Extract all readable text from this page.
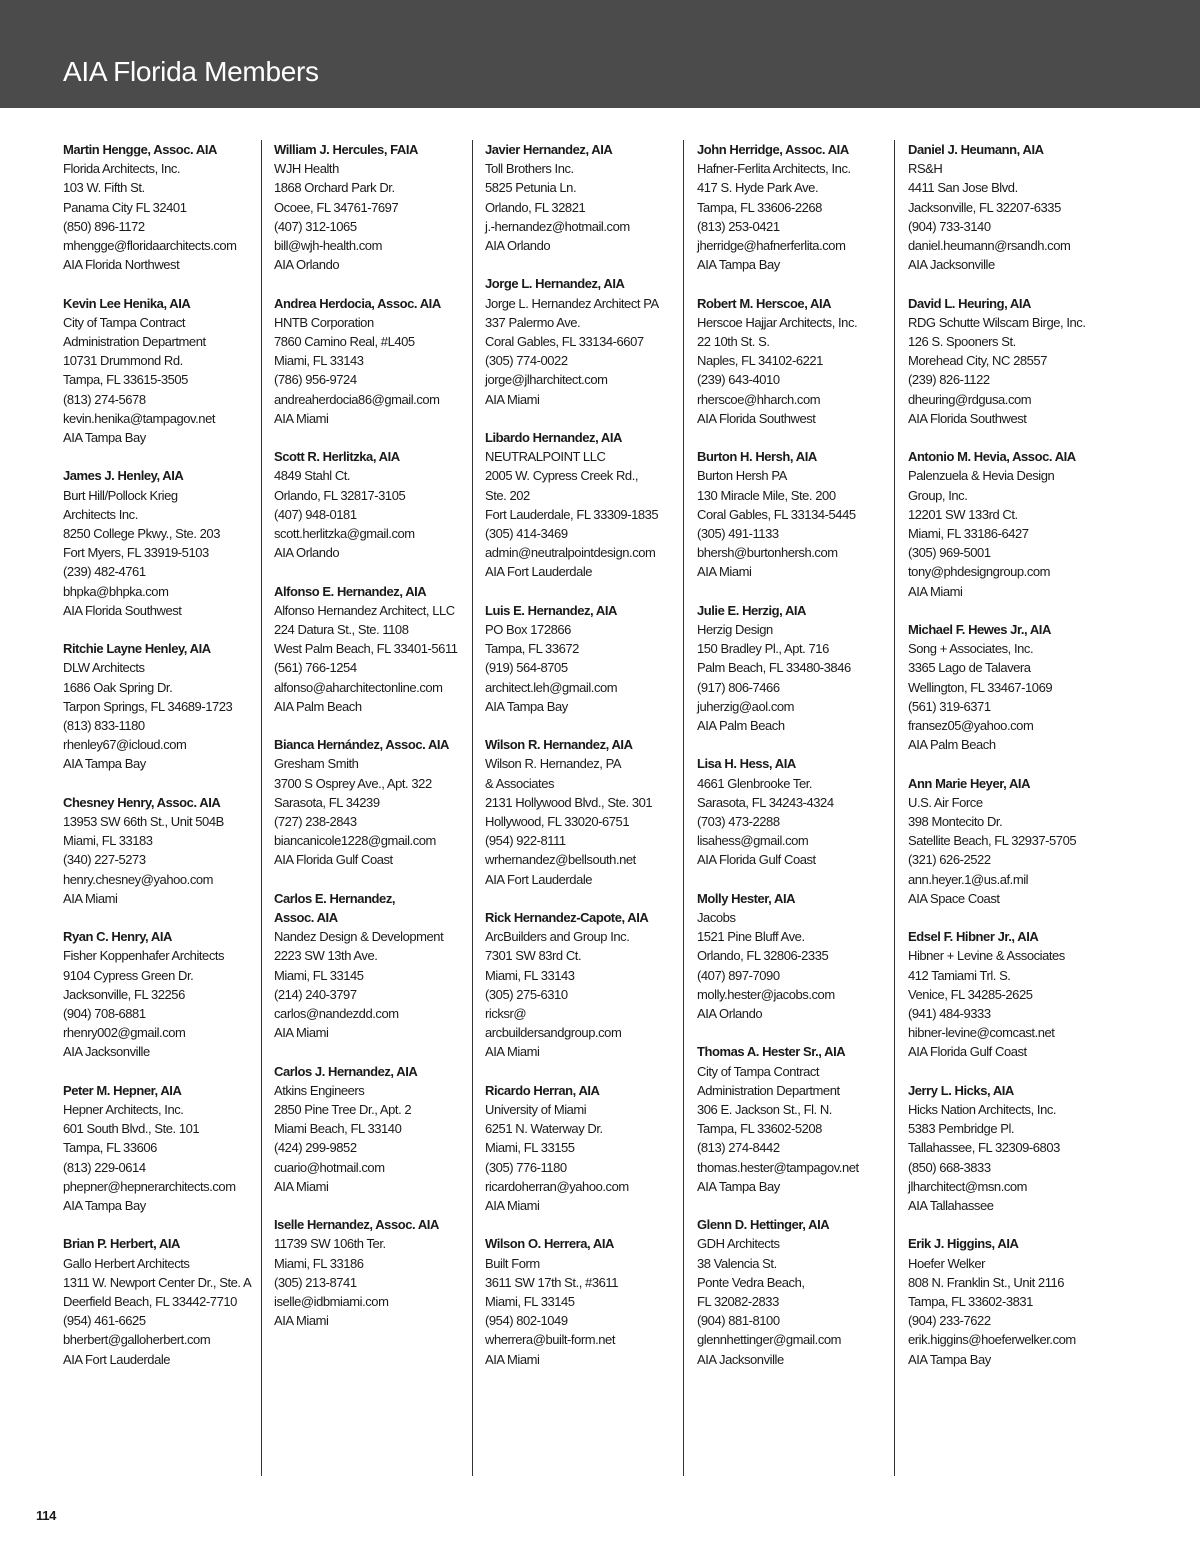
AIA Florida Members
Martin Hengge, Assoc. AIA
Florida Architects, Inc.
103 W. Fifth St.
Panama City FL 32401
(850) 896-1172
mhengge@floridaarchitects.com
AIA Florida Northwest
Kevin Lee Henika, AIA
City of Tampa Contract
Administration Department
10731 Drummond Rd.
Tampa, FL 33615-3505
(813) 274-5678
kevin.henika@tampagov.net
AIA Tampa Bay
James J. Henley, AIA
Burt Hill/Pollock Krieg
Architects Inc.
8250 College Pkwy., Ste. 203
Fort Myers, FL 33919-5103
(239) 482-4761
bhpka@bhpka.com
AIA Florida Southwest
Ritchie Layne Henley, AIA
DLW Architects
1686 Oak Spring Dr.
Tarpon Springs, FL 34689-1723
(813) 833-1180
rhenley67@icloud.com
AIA Tampa Bay
Chesney Henry, Assoc. AIA
13953 SW 66th St., Unit 504B
Miami, FL 33183
(340) 227-5273
henry.chesney@yahoo.com
AIA Miami
Ryan C. Henry, AIA
Fisher Koppenhafer Architects
9104 Cypress Green Dr.
Jacksonville, FL 32256
(904) 708-6881
rhenry002@gmail.com
AIA Jacksonville
Peter M. Hepner, AIA
Hepner Architects, Inc.
601 South Blvd., Ste. 101
Tampa, FL 33606
(813) 229-0614
phepner@hepnerarchitects.com
AIA Tampa Bay
Brian P. Herbert, AIA
Gallo Herbert Architects
1311 W. Newport Center Dr., Ste. A
Deerfield Beach, FL 33442-7710
(954) 461-6625
bherbert@galloherbert.com
AIA Fort Lauderdale
William J. Hercules, FAIA
WJH Health
1868 Orchard Park Dr.
Ocoee, FL 34761-7697
(407) 312-1065
bill@wjh-health.com
AIA Orlando
Andrea Herdocia, Assoc. AIA
HNTB Corporation
7860 Camino Real, #L405
Miami, FL 33143
(786) 956-9724
andreaherdocia86@gmail.com
AIA Miami
Scott R. Herlitzka, AIA
4849 Stahl Ct.
Orlando, FL 32817-3105
(407) 948-0181
scott.herlitzka@gmail.com
AIA Orlando
Alfonso E. Hernandez, AIA
Alfonso Hernandez Architect, LLC
224 Datura St., Ste. 1108
West Palm Beach, FL 33401-5611
(561) 766-1254
alfonso@aharchitectonline.com
AIA Palm Beach
Bianca Hernández, Assoc. AIA
Gresham Smith
3700 S Osprey Ave., Apt. 322
Sarasota, FL 34239
(727) 238-2843
biancanicole1228@gmail.com
AIA Florida Gulf Coast
Carlos E. Hernandez,
Assoc. AIA
Nandez Design & Development
2223 SW 13th Ave.
Miami, FL 33145
(214) 240-3797
carlos@nandezdd.com
AIA Miami
Carlos J. Hernandez, AIA
Atkins Engineers
2850 Pine Tree Dr., Apt. 2
Miami Beach, FL 33140
(424) 299-9852
cuario@hotmail.com
AIA Miami
Iselle Hernandez, Assoc. AIA
11739 SW 106th Ter.
Miami, FL 33186
(305) 213-8741
iselle@idbmiami.com
AIA Miami
Javier Hernandez, AIA
Toll Brothers Inc.
5825 Petunia Ln.
Orlando, FL 32821
j.-hernandez@hotmail.com
AIA Orlando
Jorge L. Hernandez, AIA
Jorge L. Hernandez Architect PA
337 Palermo Ave.
Coral Gables, FL 33134-6607
(305) 774-0022
jorge@jlharchitect.com
AIA Miami
Libardo Hernandez, AIA
NEUTRALPOINT LLC
2005 W. Cypress Creek Rd.,
Ste. 202
Fort Lauderdale, FL 33309-1835
(305) 414-3469
admin@neutralpointdesign.com
AIA Fort Lauderdale
Luis E. Hernandez, AIA
PO Box 172866
Tampa, FL 33672
(919) 564-8705
architect.leh@gmail.com
AIA Tampa Bay
Wilson R. Hernandez, AIA
Wilson R. Hernandez, PA
& Associates
2131 Hollywood Blvd., Ste. 301
Hollywood, FL 33020-6751
(954) 922-8111
wrhernandez@bellsouth.net
AIA Fort Lauderdale
Rick Hernandez-Capote, AIA
ArcBuilders and Group Inc.
7301 SW 83rd Ct.
Miami, FL 33143
(305) 275-6310
ricksr@
arcbuildersandgroup.com
AIA Miami
Ricardo Herran, AIA
University of Miami
6251 N. Waterway Dr.
Miami, FL 33155
(305) 776-1180
ricardoherran@yahoo.com
AIA Miami
Wilson O. Herrera, AIA
Built Form
3611 SW 17th St., #3611
Miami, FL 33145
(954) 802-1049
wherrera@built-form.net
AIA Miami
John Herridge, Assoc. AIA
Hafner-Ferlita Architects, Inc.
417 S. Hyde Park Ave.
Tampa, FL 33606-2268
(813) 253-0421
jherridge@hafnerferlita.com
AIA Tampa Bay
Robert M. Herscoe, AIA
Herscoe Hajjar Architects, Inc.
22 10th St. S.
Naples, FL 34102-6221
(239) 643-4010
rherscoe@hharch.com
AIA Florida Southwest
Burton H. Hersh, AIA
Burton Hersh PA
130 Miracle Mile, Ste. 200
Coral Gables, FL 33134-5445
(305) 491-1133
bhersh@burtonhersh.com
AIA Miami
Julie E. Herzig, AIA
Herzig Design
150 Bradley Pl., Apt. 716
Palm Beach, FL 33480-3846
(917) 806-7466
juherzig@aol.com
AIA Palm Beach
Lisa H. Hess, AIA
4661 Glenbrooke Ter.
Sarasota, FL 34243-4324
(703) 473-2288
lisahess@gmail.com
AIA Florida Gulf Coast
Molly Hester, AIA
Jacobs
1521 Pine Bluff Ave.
Orlando, FL 32806-2335
(407) 897-7090
molly.hester@jacobs.com
AIA Orlando
Thomas A. Hester Sr., AIA
City of Tampa Contract
Administration Department
306 E. Jackson St., Fl. N.
Tampa, FL 33602-5208
(813) 274-8442
thomas.hester@tampagov.net
AIA Tampa Bay
Glenn D. Hettinger, AIA
GDH Architects
38 Valencia St.
Ponte Vedra Beach,
FL 32082-2833
(904) 881-8100
glennhettinger@gmail.com
AIA Jacksonville
Daniel J. Heumann, AIA
RS&H
4411 San Jose Blvd.
Jacksonville, FL 32207-6335
(904) 733-3140
daniel.heumann@rsandh.com
AIA Jacksonville
David L. Heuring, AIA
RDG Schutte Wilscam Birge, Inc.
126 S. Spooners St.
Morehead City, NC 28557
(239) 826-1122
dheuring@rdgusa.com
AIA Florida Southwest
Antonio M. Hevia, Assoc. AIA
Palenzuela & Hevia Design
Group, Inc.
12201 SW 133rd Ct.
Miami, FL 33186-6427
(305) 969-5001
tony@phdesigngroup.com
AIA Miami
Michael F. Hewes Jr., AIA
Song + Associates, Inc.
3365 Lago de Talavera
Wellington, FL 33467-1069
(561) 319-6371
fransez05@yahoo.com
AIA Palm Beach
Ann Marie Heyer, AIA
U.S. Air Force
398 Montecito Dr.
Satellite Beach, FL 32937-5705
(321) 626-2522
ann.heyer.1@us.af.mil
AIA Space Coast
Edsel F. Hibner Jr., AIA
Hibner + Levine & Associates
412 Tamiami Trl. S.
Venice, FL 34285-2625
(941) 484-9333
hibner-levine@comcast.net
AIA Florida Gulf Coast
Jerry L. Hicks, AIA
Hicks Nation Architects, Inc.
5383 Pembridge Pl.
Tallahassee, FL 32309-6803
(850) 668-3833
jlharchitect@msn.com
AIA Tallahassee
Erik J. Higgins, AIA
Hoefer Welker
808 N. Franklin St., Unit 2116
Tampa, FL 33602-3831
(904) 233-7622
erik.higgins@hoeferwelker.com
AIA Tampa Bay
114
